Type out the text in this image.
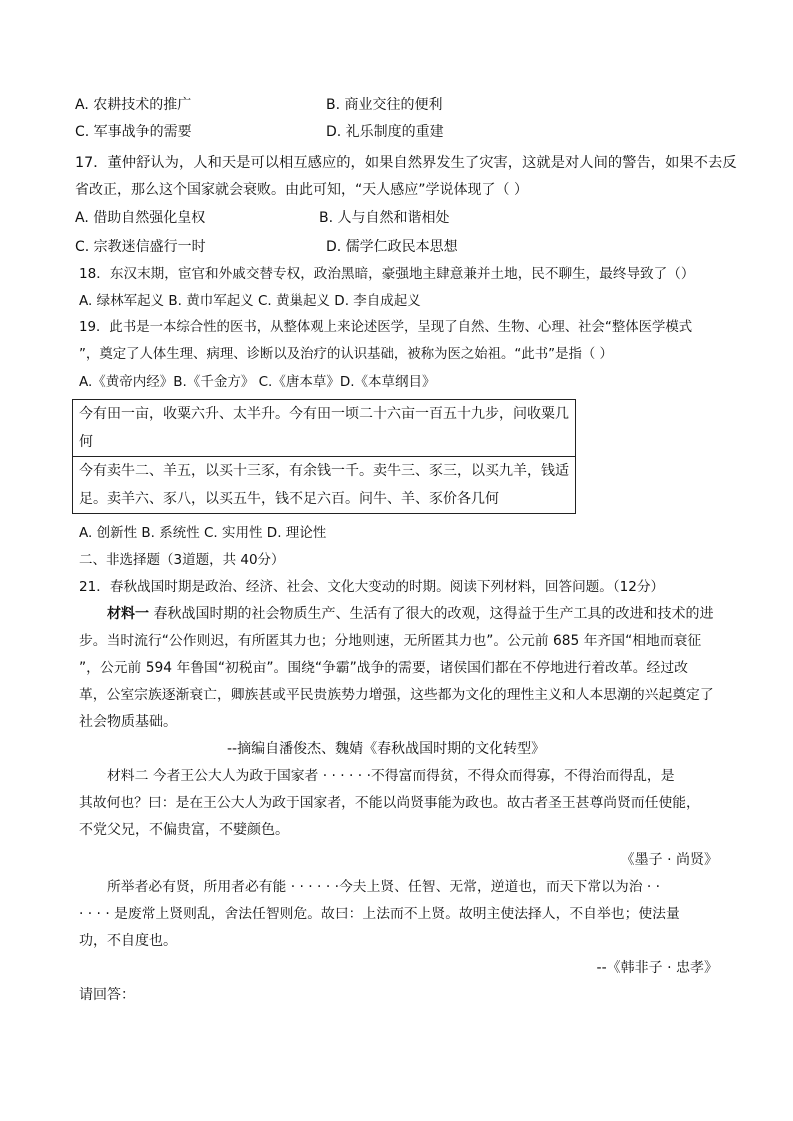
A. 农耕技术的推广	B. 商业交往的便利
C. 军事战争的需要	D. 礼乐制度的重建
17．董仲舒认为，人和天是可以相互感应的，如果自然界发生了灾害，这就是对人间的警告，如果不去反
省改正，那么这个国家就会衰败。由此可知，“天人感应”学说体现了（ ）
A. 借助自然强化皇权	B. 人与自然和谐相处
C. 宗教迷信盛行一时	D. 儒学仁政民本思想
18．东汉末期，宦官和外戚交替专权，政治黑暗，豪强地主肆意兼并土地，民不聊生，最终导致了（）
A. 绿林军起义 B. 黄巾军起义 C. 黄巢起义 D. 李自成起义
19．此书是一本综合性的医书，从整体观上来论述医学，呈现了自然、生物、心理、社会“整体医学模式
”，奠定了人体生理、病理、诊断以及治疗的认识基础，被称为医之始祖。“此书”是指（ ）
A.《黄帝内经》B.《千金方》 C.《唐本草》D.《本草纲目》
今有田一亩，收粟六升、太半升。今有田一顷二十六亩一百五十九步，问收粟几
何
今有卖牛二、羊五，以买十三豕，有余钱一千。卖牛三、豕三，以买九羊，钱适
足。卖羊六、豕八，以买五牛，钱不足六百。问牛、羊、豕价各几何
A. 创新性 B. 系统性 C. 实用性 D. 理论性
二、非选择题（3道题，共 40分）
21．春秋战国时期是政治、经济、社会、文化大变动的时期。阅读下列材料，回答问题。（12分）
材料一 春秋战国时期的社会物质生产、生活有了很大的改观，这得益于生产工具的改进和技术的进
步。当时流行“公作则迟，有所匿其力也；分地则速，无所匿其力也”。公元前 685 年齐国“相地而衰征
”，公元前 594 年鲁国“初税亩”。围绕“争霸”战争的需要，诸侯国们都在不停地进行着改革。经过改
革，公室宗族逐渐衰亡，卿族甚或平民贵族势力增强，这些都为文化的理性主义和人本思潮的兴起奠定了
社会物质基础。
--摘编自潘俊杰、魏婧《春秋战国时期的文化转型》
材料二 今者王公大人为政于国家者 · · · · · ·不得富而得贫，不得众而得寡，不得治而得乱，是
其故何也？曰：是在王公大人为政于国家者，不能以尚贤事能为政也。故古者圣王甚尊尚贤而任使能，
不党父兄，不偏贵富，不嬖颜色。
《墨子 · 尚贤》
所举者必有贤，所用者必有能 · · · · · ·今夫上贤、任智、无常，逆道也，而天下常以为治 · ·
· · · · 是废常上贤则乱，舍法任智则危。故曰：上法而不上贤。故明主使法择人，不自举也；使法量
功，不自度也。
--《韩非子 · 忠孝》
请回答：
